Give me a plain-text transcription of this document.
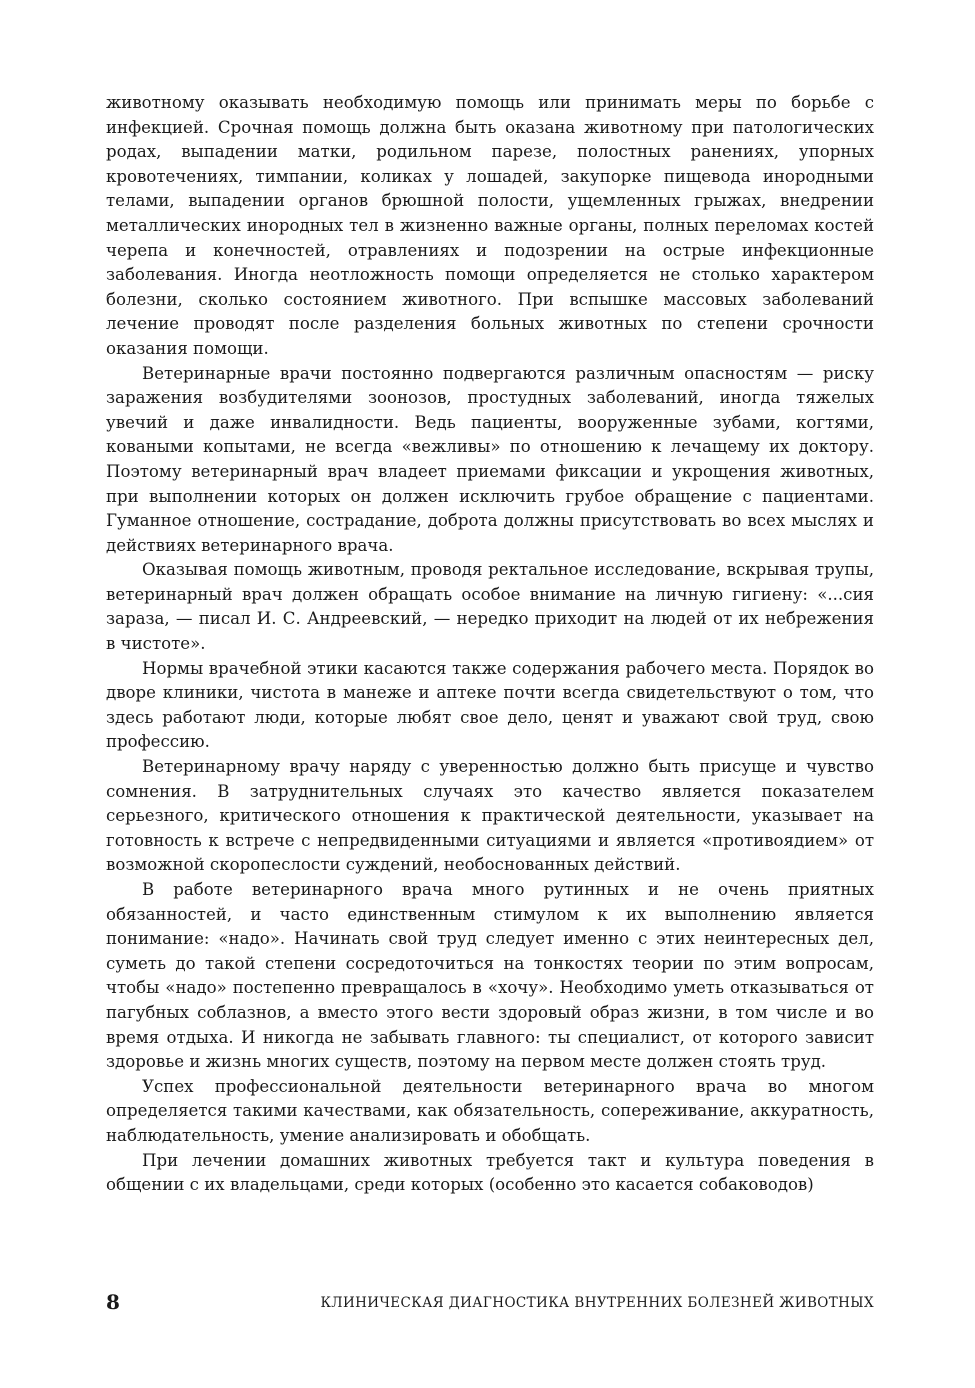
животному оказывать необходимую помощь или принимать меры по борьбе с инфекцией. Срочная помощь должна быть оказана животному при патологических родах, выпадении матки, родильном парезе, полостных ранениях, упорных кровотечениях, тимпании, коликах у лошадей, закупорке пищевода инородными телами, выпадении органов брюшной полости, ущемленных грыжах, внедрении металлических инородных тел в жизненно важные органы, полных переломах костей черепа и конечностей, отравлениях и подозрении на острые инфекционные заболевания. Иногда неотложность помощи определяется не столько характером болезни, сколько состоянием животного. При вспышке массовых заболеваний лечение проводят после разделения больных животных по степени срочности оказания помощи.

Ветеринарные врачи постоянно подвергаются различным опасностям — риску заражения возбудителями зоонозов, простудных заболеваний, иногда тяжелых увечий и даже инвалидности. Ведь пациенты, вооруженные зубами, когтями, коваными копытами, не всегда «вежливы» по отношению к лечащему их доктору. Поэтому ветеринарный врач владеет приемами фиксации и укрощения животных, при выполнении которых он должен исключить грубое обращение с пациентами. Гуманное отношение, сострадание, доброта должны присутствовать во всех мыслях и действиях ветеринарного врача.

Оказывая помощь животным, проводя ректальное исследование, вскрывая трупы, ветеринарный врач должен обращать особое внимание на личную гигиену: «...сия зараза, — писал И. С. Андреевский, — нередко приходит на людей от их небрежения в чистоте».

Нормы врачебной этики касаются также содержания рабочего места. Порядок во дворе клиники, чистота в манеже и аптеке почти всегда свидетельствуют о том, что здесь работают люди, которые любят свое дело, ценят и уважают свой труд, свою профессию.

Ветеринарному врачу наряду с уверенностью должно быть присуще и чувство сомнения. В затруднительных случаях это качество является показателем серьезного, критического отношения к практической деятельности, указывает на готовность к встрече с непредвиденными ситуациями и является «противоядием» от возможной скоропеслости суждений, необоснованных действий.

В работе ветеринарного врача много рутинных и не очень приятных обязанностей, и часто единственным стимулом к их выполнению является понимание: «надо». Начинать свой труд следует именно с этих неинтересных дел, суметь до такой степени сосредоточиться на тонкостях теории по этим вопросам, чтобы «надо» постепенно превращалось в «хочу». Необходимо уметь отказываться от пагубных соблазнов, а вместо этого вести здоровый образ жизни, в том числе и во время отдыха. И никогда не забывать главного: ты специалист, от которого зависит здоровье и жизнь многих существ, поэтому на первом месте должен стоять труд.

Успех профессиональной деятельности ветеринарного врача во многом определяется такими качествами, как обязательность, сопереживание, аккуратность, наблюдательность, умение анализировать и обобщать.

При лечении домашних животных требуется такт и культура поведения в общении с их владельцами, среди которых (особенно это касается собаководов)

8	КЛИНИЧЕСКАЯ ДИАГНОСТИКА ВНУТРЕННИХ БОЛЕЗНЕЙ ЖИВОТНЫХ
